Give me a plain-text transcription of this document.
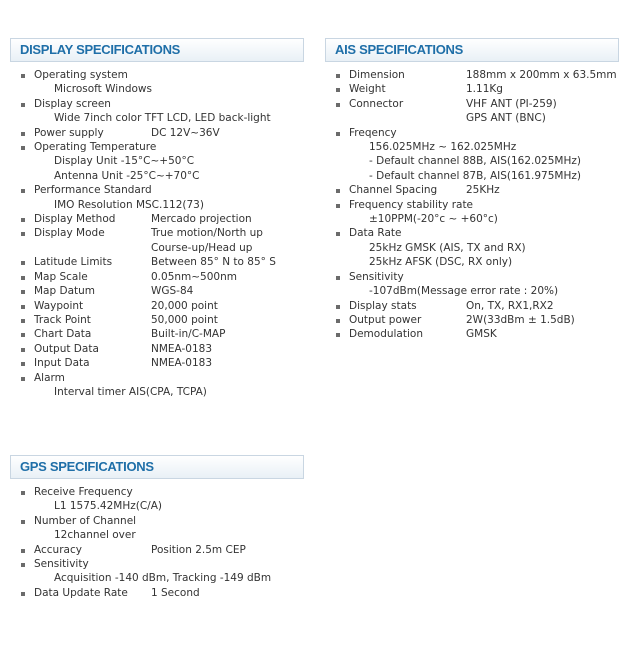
DISPLAY SPECIFICATIONS
Operating system
Microsoft Windows
Display screen
Wide 7inch color TFT LCD, LED back-light
Power supply	DC 12V~36V
Operating Temperature
Display Unit -15°C~+50°C
Antenna Unit -25°C~+70°C
Performance Standard
IMO Resolution MSC.112(73)
Display Method	Mercado projection
Display Mode	True motion/North up
Course-up/Head up
Latitude Limits	Between 85° N to 85° S
Map Scale	0.05nm~500nm
Map Datum	WGS-84
Waypoint	20,000 point
Track Point	50,000 point
Chart Data	Built-in/C-MAP
Output Data	NMEA-0183
Input Data	NMEA-0183
Alarm
Interval timer AIS(CPA, TCPA)
AIS SPECIFICATIONS
Dimension	188mm x 200mm x 63.5mm
Weight	1.11Kg
Connector	VHF ANT (PI-259)
GPS ANT (BNC)
Freqency
156.025MHz ~ 162.025MHz
- Default channel 88B, AIS(162.025MHz)
- Default channel 87B, AIS(161.975MHz)
Channel Spacing	25KHz
Frequency stability rate
±10PPM(-20°c ~ +60°c)
Data Rate
25kHz GMSK (AIS, TX and RX)
25kHz AFSK (DSC, RX only)
Sensitivity
-107dBm(Message error rate : 20%)
Display stats	On, TX, RX1,RX2
Output power	2W(33dBm ± 1.5dB)
Demodulation	GMSK
GPS SPECIFICATIONS
Receive Frequency
L1 1575.42MHz(C/A)
Number of Channel
12channel over
Accuracy	Position 2.5m CEP
Sensitivity
Acquisition -140 dBm, Tracking -149 dBm
Data Update Rate 1 Second
